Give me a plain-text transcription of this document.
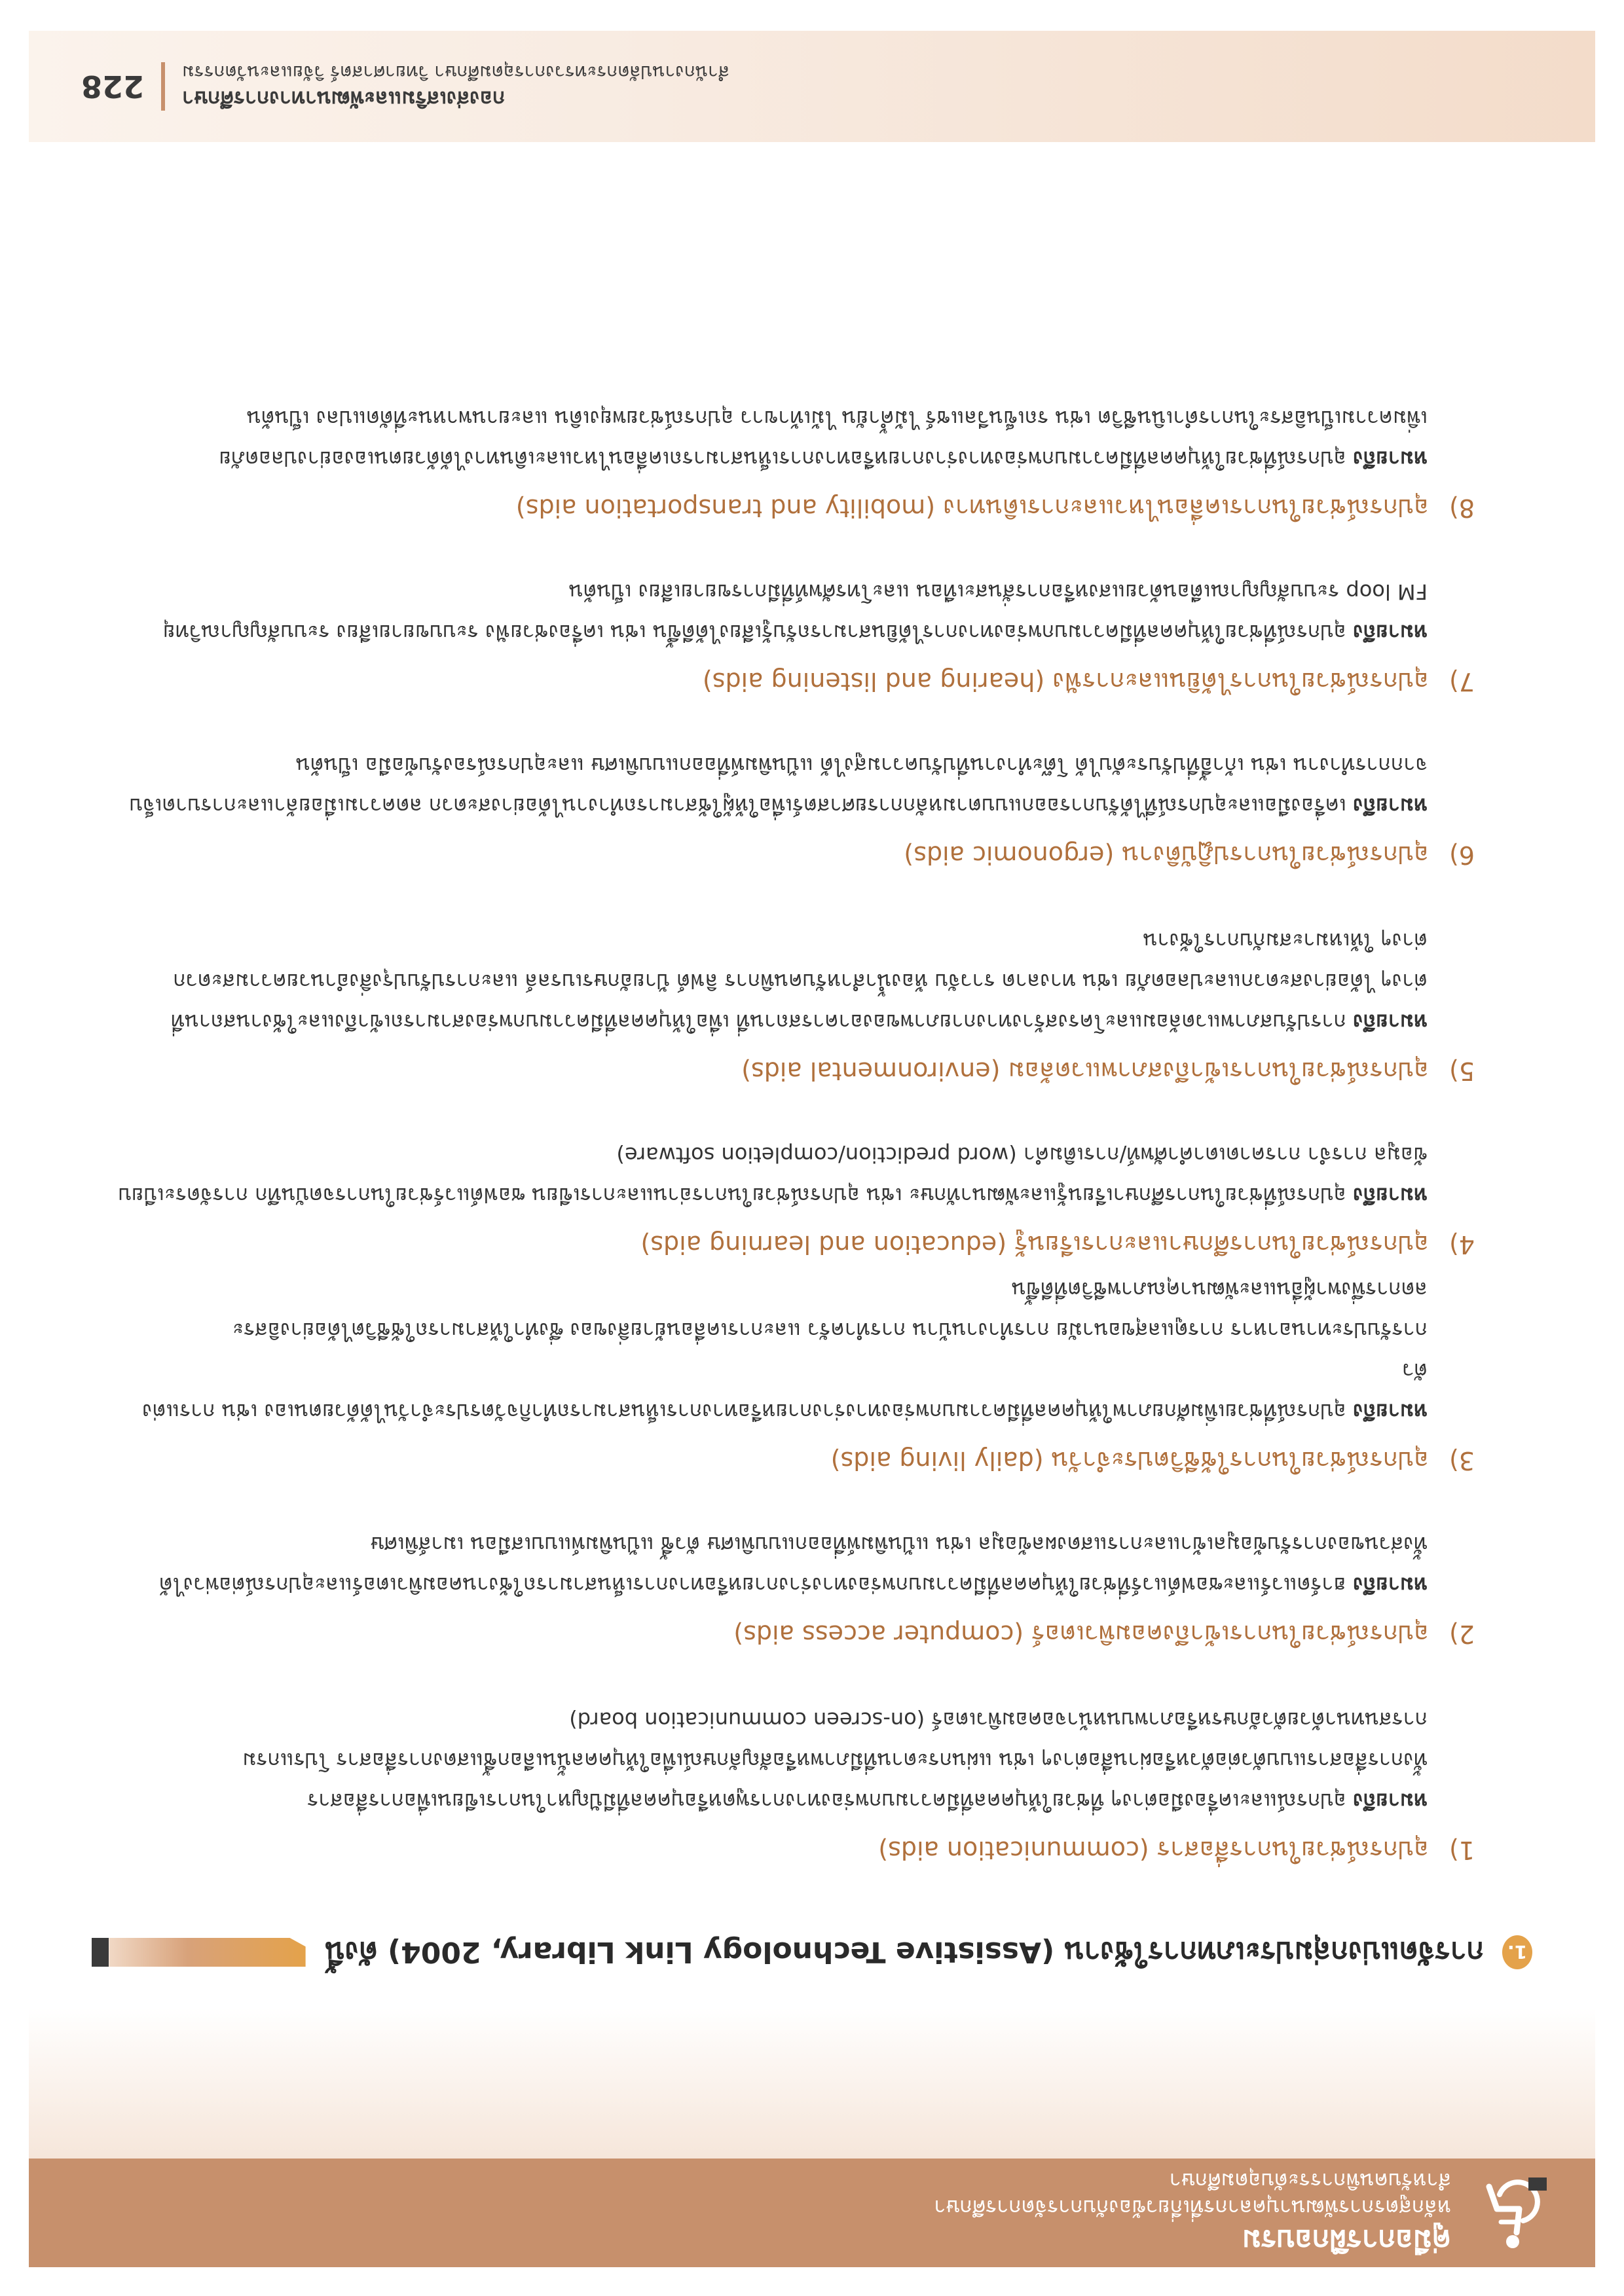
คู่มือการฝึกอบรม
หลักสูตรการพัฒนาบุคลากรที่เกี่ยวข้องกับการจัดการศึกษา
สำหรับคนพิการระดับอุดมศึกษา
1.
การจัดแบ่งกลุ่มประเภทการใช้งาน (Assistive Technology Link Library, 2004) ดังนี้
1)อุปกรณ์ช่วยในการสื่อสาร (communication aids)
หมายถึง อุปกรณ์และเครื่องมือต่างๆ ที่ช่วยให้บุคคลที่มีความบกพร่องทางการพูดหรือบุคคลที่มีปัญหาในการเขียนเพื่อการสื่อสาร
ทั้งการสื่อสารแบบตัวต่อตัวหรือผ่านสื่อต่างๆ เช่น แผ่นกระดานที่มีภาพหรือสัญลักษณ์เพื่อให้บุคคลนั้นเลือกชี้แสดงการสื่อสาร โปรแกรม
การสนทนาด้วยตัวอักษรหรือภาพบนหน้าจอคอมพิวเตอร์ (on-screen communication board)
2)อุปกรณ์ช่วยในการเข้าถึงคอมพิวเตอร์ (computer access aids)
หมายถึง ฮาร์ดแวร์และซอฟต์แวร์ที่ช่วยให้บุคคลที่มีความบกพร่องทางร่างกายหรือทางการเห็นสามารถใช้งานคอมพิวเตอร์และอุปกรณ์ต่อพ่วงได้
ทั้งส่วนของการรับข้อมูลเข้าและการแสดงผลข้อมูล เช่น แป้นพิมพ์ที่ออกแบบพิเศษ ตัวชี้ แป้นพิมพ์แบบเสมือน เมาส์พิเศษ
3)อุปกรณ์ช่วยในการใช้ชีวิตประจำวัน (daily living aids)
หมายถึง อุปกรณ์ที่ช่วยเพิ่มศักยภาพให้บุคคลที่มีความบกพร่องทางร่างกายหรือทางการเห็นสามารถทำกิจวัตรประจำวันได้ด้วยตนเอง เช่น การแต่งตัว
การรับประทานอาหาร การดูแลสุขอนามัย การทำงานบ้าน การทำครัว และการเคลื่อนย้ายสิ่งของ ซึ่งทำให้สามารถใช้ชีวิตได้อย่างอิสระ
ลดการพึ่งพาผู้อื่นและพัฒนาคุณภาพชีวิตที่ดีขึ้น
4)อุปกรณ์ช่วยในการศึกษาและการเรียนรู้ (education and learning aids)
หมายถึง อุปกรณ์ที่ช่วยในการศึกษาเรียนรู้และพัฒนาทักษะ เช่น อุปกรณ์ช่วยในการอ่านและการเขียน ซอฟต์แวร์ช่วยในการจดบันทึก การจัดระเบียบ
ข้อมูล การจำ การคาดเดาคำศัพท์/การเติมคำ (word prediction/completion software)
5)อุปกรณ์ช่วยในการเข้าถึงสภาพแวดล้อม (environmental aids)
หมายถึง การปรับสภาพแวดล้อมและโครงสร้างทางกายภาพของอาคารสถานที่ เพื่อให้บุคคลที่มีความบกพร่องสามารถเข้าถึงและใช้งานสถานที่
ต่างๆ ได้อย่างสะดวกและปลอดภัย เช่น ทางลาด ราวจับ ห้องน้ำสำหรับคนพิการ ลิฟต์ ป้ายอักษรเบรลล์ และการปรับปรุงสิ่งอำนวยความสะดวก
ต่างๆ ให้เหมาะสมกับการใช้งาน
6)อุปกรณ์ช่วยในการปฏิบัติงาน (ergonomic aids)
หมายถึง เครื่องมือและอุปกรณ์ที่ได้รับการออกแบบตามหลักการยศาสตร์เพื่อให้ผู้ใช้สามารถทำงานได้อย่างสะดวก ลดความเมื่อยล้าและการบาดเจ็บ
จากการทำงาน เช่น เก้าอี้ที่ปรับระดับได้ โต๊ะทำงานที่ปรับความสูงได้ แป้นพิมพ์ที่ออกแบบพิเศษ และอุปกรณ์รองรับข้อมือ เป็นต้น
7)อุปกรณ์ช่วยในการได้ยินและการฟัง (hearing and listening aids)
หมายถึง อุปกรณ์ที่ช่วยให้บุคคลที่มีความบกพร่องทางการได้ยินสามารถรับรู้เสียงได้ดีขึ้น เช่น เครื่องช่วยฟัง ระบบขยายเสียง ระบบสัญญาณวิทยุ
FM loop ระบบสัญญาณเตือนด้วยแสงหรือการสั่นสะเทือน และโทรศัพท์ที่มีการขยายเสียง เป็นต้น
8)อุปกรณ์ช่วยในการเคลื่อนไหวและการเดินทาง (mobility and transportation aids)
หมายถึง อุปกรณ์ที่ช่วยให้บุคคลที่มีความบกพร่องทางร่างกายหรือทางการเห็นสามารถเคลื่อนไหวและเดินทางได้ด้วยตนเองอย่างปลอดภัย
เพิ่มความเป็นอิสระในการดำเนินชีวิต เช่น รถเข็นวีลแชร์ ไม้ค้ำยัน ไม้เท้าขาว อุปกรณ์ช่วยพยุงเดิน และยานพาหนะที่ดัดแปลง เป็นต้น
กองส่งเสริมและพัฒนาทางการศึกษา
สำนักงานปลัดกระทรวงการอุดมศึกษา วิทยาศาสตร์ วิจัยและนวัตกรรม
228
